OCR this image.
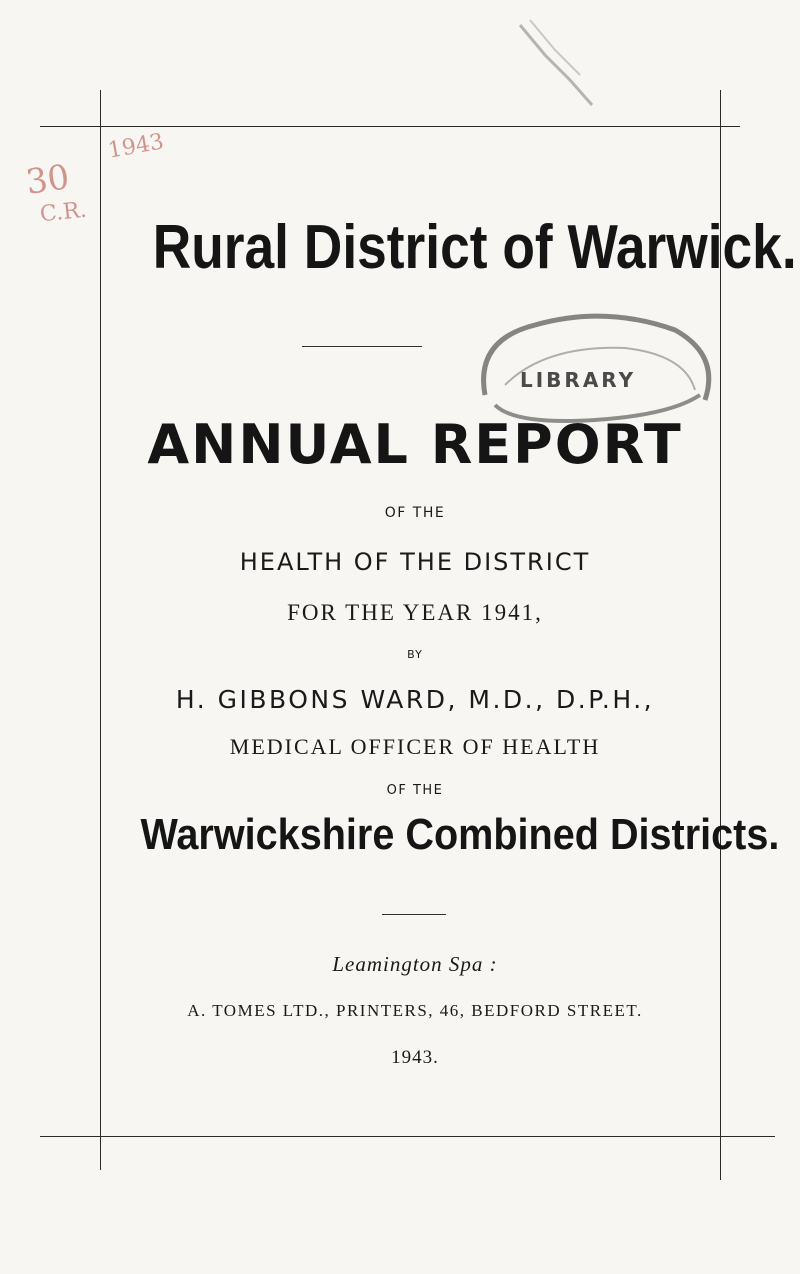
30
C.R.
1943
Rural District of Warwick.
LIBRARY
ANNUAL REPORT
OF THE
HEALTH OF THE DISTRICT
FOR THE YEAR 1941,
BY
H. GIBBONS WARD, M.D., D.P.H.,
MEDICAL OFFICER OF HEALTH
OF THE
Warwickshire Combined Districts.
Leamington Spa :
A. TOMES LTD., PRINTERS, 46, BEDFORD STREET.
1943.
